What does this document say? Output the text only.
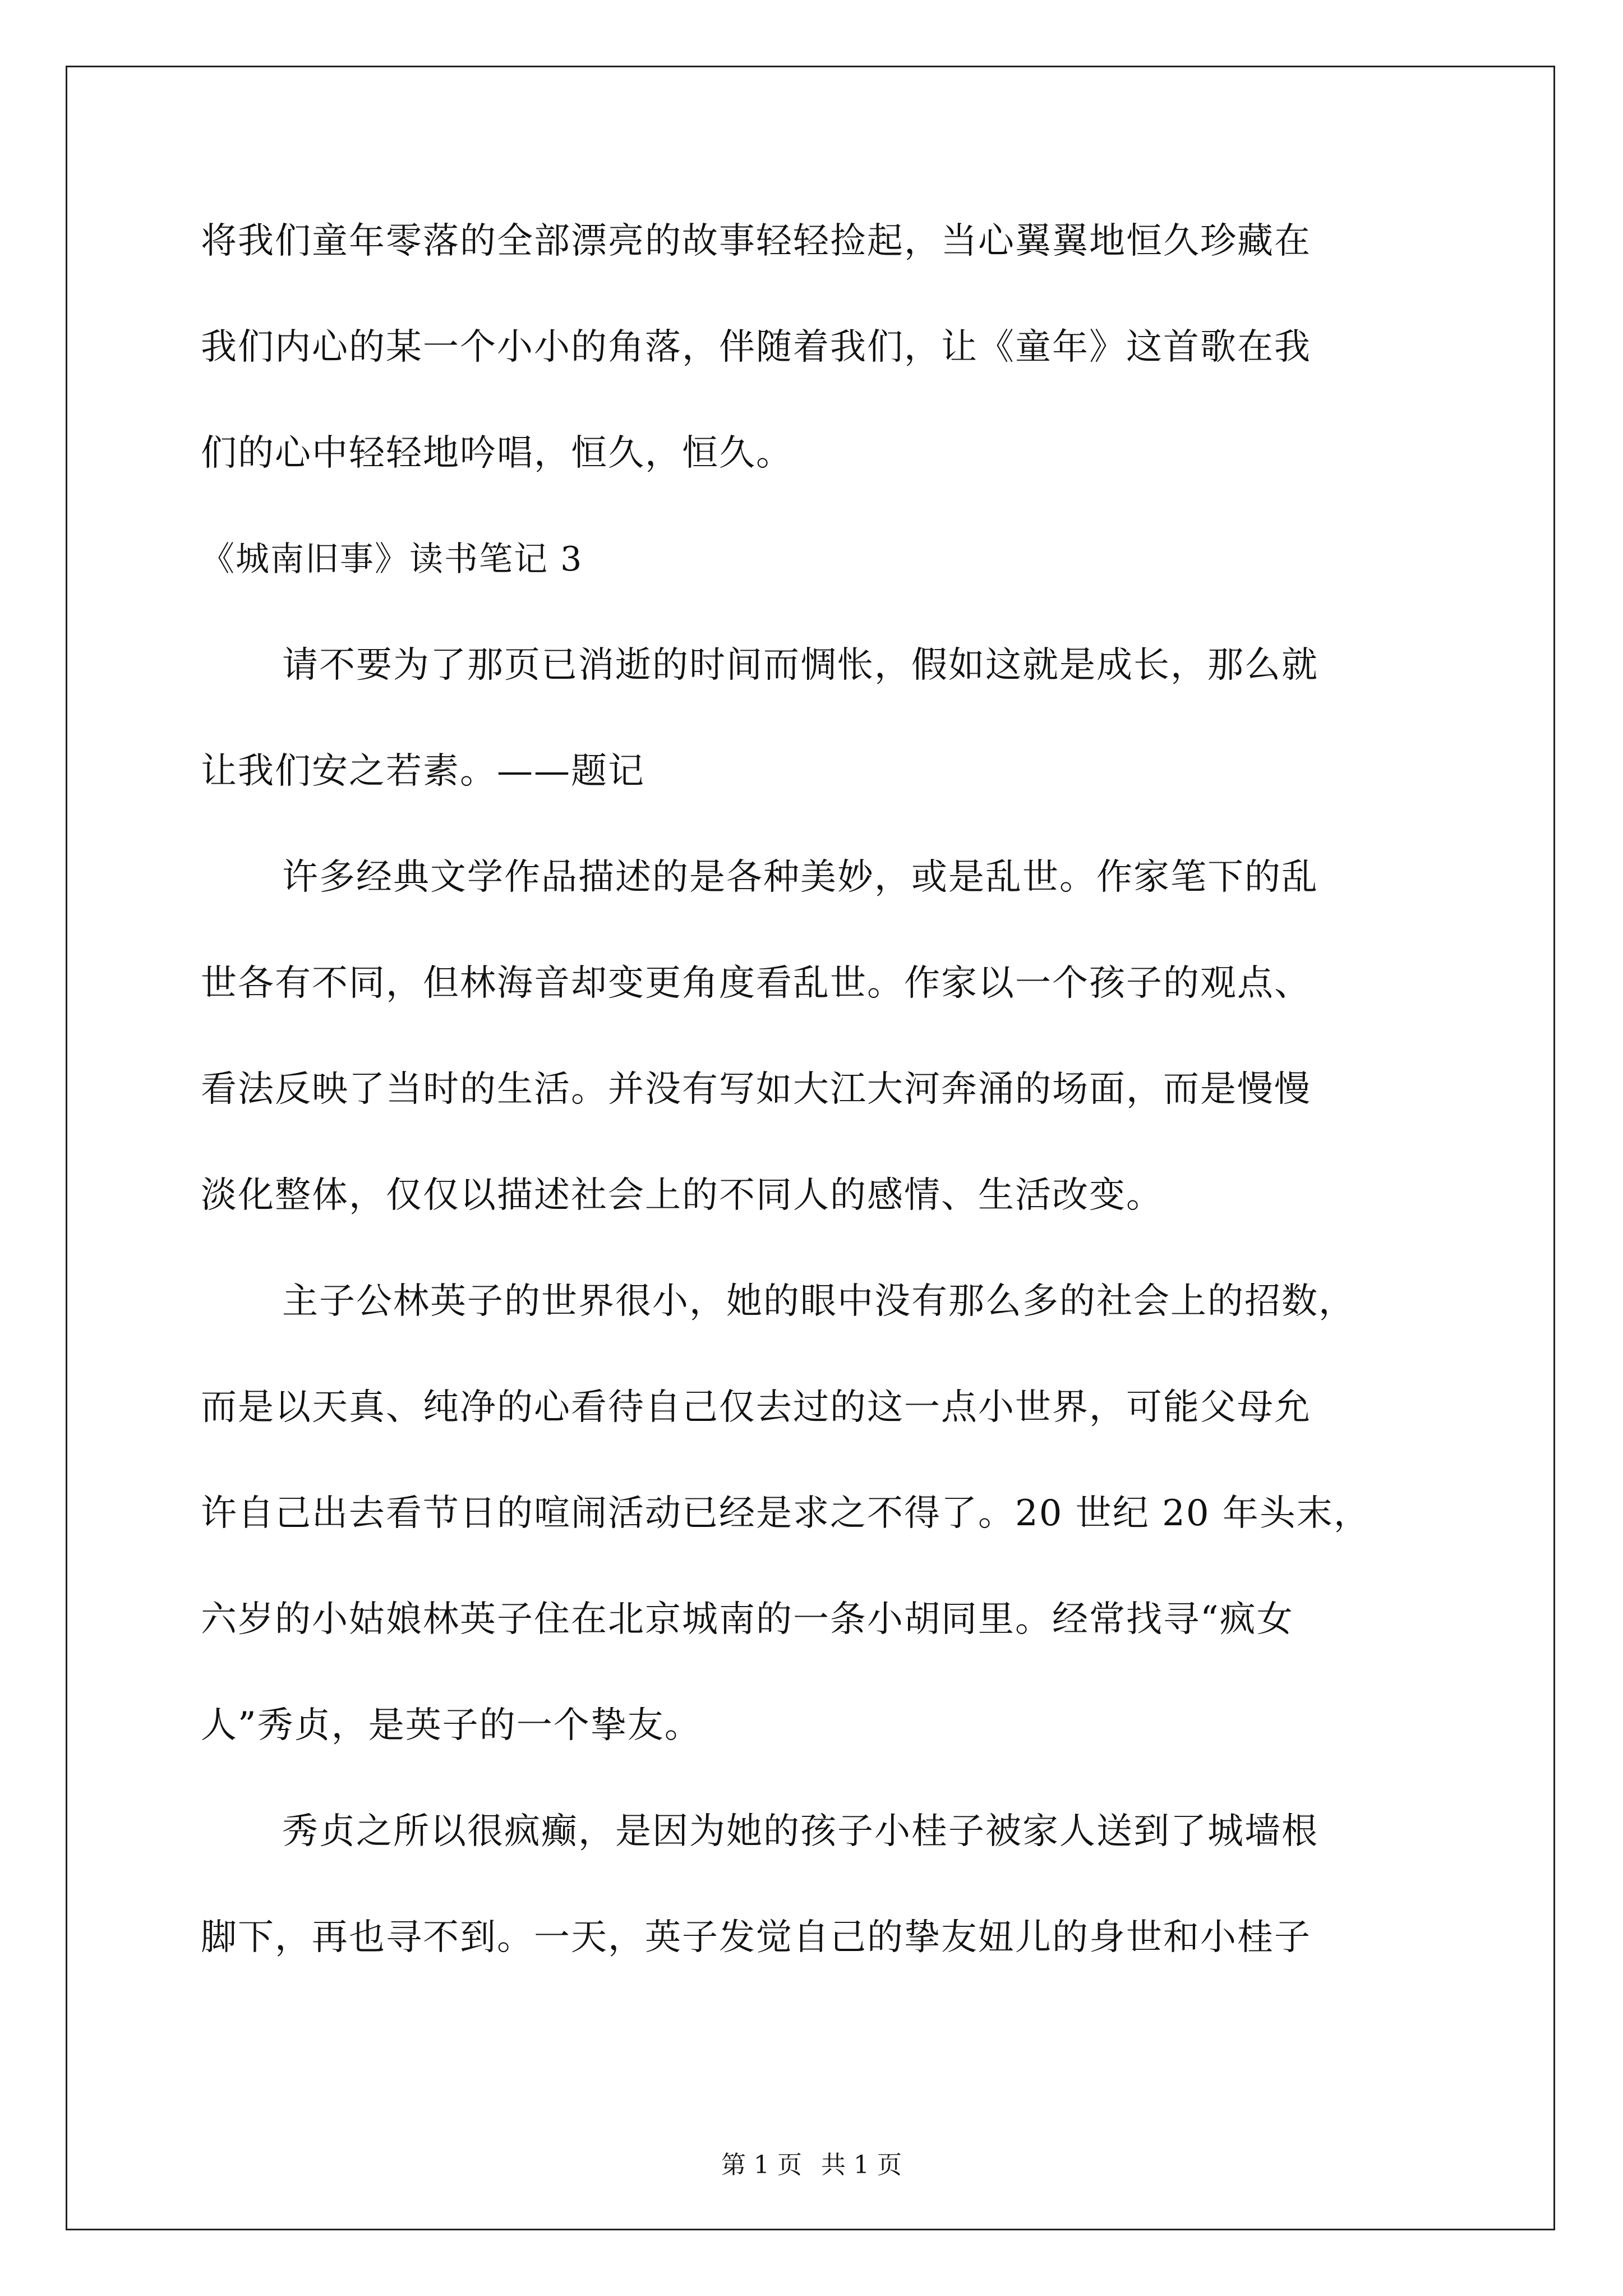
将我们童年零落的全部漂亮的故事轻轻捡起，当心翼翼地恒久珍藏在
我们内心的某一个小小的角落，伴随着我们，让《童年》这首歌在我
们的心中轻轻地吟唱，恒久，恒久。
《城南旧事》读书笔记 3
请不要为了那页已消逝的时间而惆怅，假如这就是成长，那么就
让我们安之若素。——题记
许多经典文学作品描述的是各种美妙，或是乱世。作家笔下的乱
世各有不同，但林海音却变更角度看乱世。作家以一个孩子的观点、
看法反映了当时的生活。并没有写如大江大河奔涌的场面，而是慢慢
淡化整体，仅仅以描述社会上的不同人的感情、生活改变。
主子公林英子的世界很小，她的眼中没有那么多的社会上的招数，
而是以天真、纯净的心看待自己仅去过的这一点小世界，可能父母允
许自己出去看节日的喧闹活动已经是求之不得了。20 世纪 20 年头末，
六岁的小姑娘林英子住在北京城南的一条小胡同里。经常找寻“疯女
人”秀贞，是英子的一个挚友。
秀贞之所以很疯癫，是因为她的孩子小桂子被家人送到了城墙根
脚下，再也寻不到。一天，英子发觉自己的挚友妞儿的身世和小桂子
第 1 页 共 1 页
